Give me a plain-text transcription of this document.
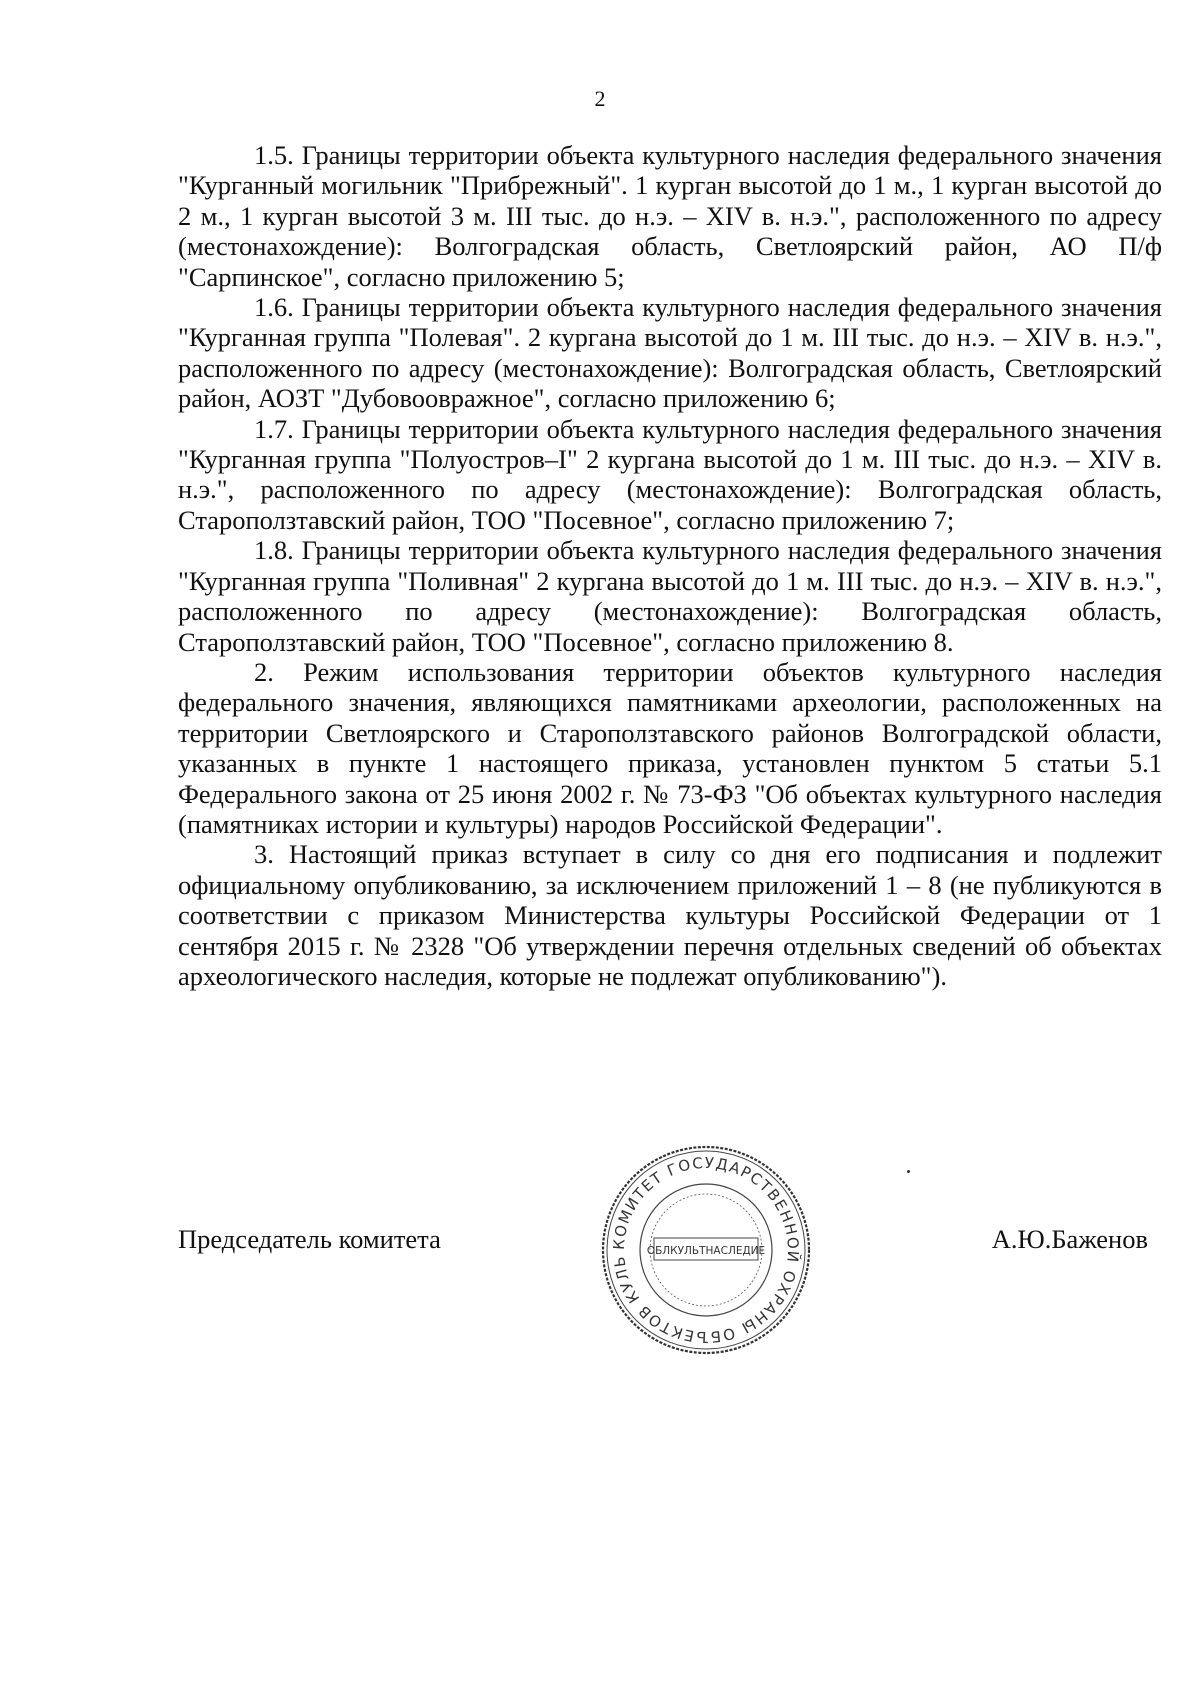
2

1.5. Границы территории объекта культурного наследия федерального значения "Курганный могильник "Прибрежный". 1 курган высотой до 1 м., 1 курган высотой до 2 м., 1 курган высотой 3 м. III тыс. до н.э. – XIV в. н.э.", расположенного по адресу (местонахождение): Волгоградская область, Светлоярский район, АО П/ф "Сарпинское", согласно приложению 5;

1.6. Границы территории объекта культурного наследия федерального значения "Курганная группа "Полевая". 2 кургана высотой до 1 м. III тыс. до н.э. – XIV в. н.э.", расположенного по адресу (местонахождение): Волгоградская область, Светлоярский район, АОЗТ "Дубовооврaжное", согласно приложению 6;

1.7. Границы территории объекта культурного наследия федерального значения "Курганная группа "Полуостров–I" 2 кургана высотой до 1 м. III тыс. до н.э. – XIV в. н.э.", расположенного по адресу (местонахождение): Волгоградская область, Староползтавский район, ТОО "Посевное", согласно приложению 7;

1.8. Границы территории объекта культурного наследия федерального значения "Курганная группа "Поливная" 2 кургана высотой до 1 м. III тыс. до н.э. – XIV в. н.э.", расположенного по адресу (местонахождение): Волгоградская область, Староползтавский район, ТОО "Посевное", согласно приложению 8.

2. Режим использования территории объектов культурного наследия федерального значения, являющихся памятниками археологии, расположенных на территории Светлоярского и Староползтавского районов Волгоградской области, указанных в пункте 1 настоящего приказа, установлен пунктом 5 статьи 5.1 Федерального закона от 25 июня 2002 г. № 73-ФЗ "Об объектах культурного наследия (памятниках истории и культуры) народов Российской Федерации".

3. Настоящий приказ вступает в силу со дня его подписания и подлежит официальному опубликованию, за исключением приложений 1 – 8 (не публикуются в соответствии с приказом Министерства культуры Российской Федерации от 1 сентября 2015 г. № 2328 "Об утверждении перечня отдельных сведений об объектах археологического наследия, которые не подлежат опубликованию").

Председатель комитета	А.Ю.Баженов
КОМИТЕТ ГОСУДАРСТВЕННОЙ ОХРАНЫ ОБЪЕКТОВ КУЛЬ
ОБЛКУЛЬТНАСЛЕДИЕ
